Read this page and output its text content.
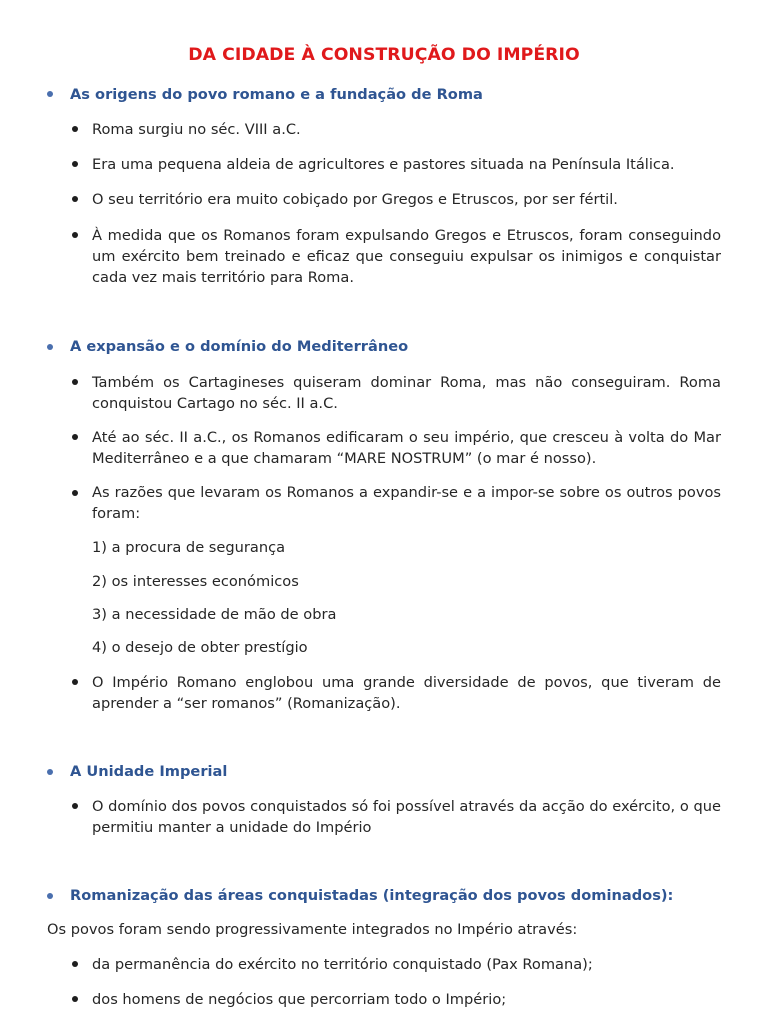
DA CIDADE À CONSTRUÇÃO DO IMPÉRIO
As origens do povo romano e a fundação de Roma
Roma surgiu no séc. VIII a.C.
Era uma pequena aldeia de agricultores e pastores situada na Península Itálica.
O seu território era muito cobiçado por Gregos e Etruscos, por ser fértil.
À medida que os Romanos foram expulsando Gregos e Etruscos, foram conseguindo um exército bem treinado e eficaz que conseguiu expulsar os inimigos e conquistar cada vez mais território para Roma.
A expansão e o domínio do Mediterrâneo
Também os Cartagineses quiseram dominar Roma, mas não conseguiram. Roma conquistou Cartago no séc. II a.C.
Até ao séc. II a.C., os Romanos edificaram o seu império, que cresceu à volta do Mar Mediterrâneo e a que chamaram “MARE NOSTRUM” (o mar é nosso).
As razões que levaram os Romanos a expandir-se e a impor-se sobre os outros povos foram:
1) a procura de segurança
2) os interesses económicos
3) a necessidade de mão de obra
4) o desejo de obter prestígio
O Império Romano englobou uma grande diversidade de povos, que tiveram de aprender a “ser romanos” (Romanização).
A Unidade Imperial
O domínio dos povos conquistados só foi possível através da acção do exército, o que permitiu manter a unidade do Império
Romanização das áreas conquistadas (integração dos povos dominados):
Os povos foram sendo progressivamente integrados no Império através:
da permanência do exército no território conquistado (Pax Romana);
dos homens de negócios que percorriam todo o Império;
